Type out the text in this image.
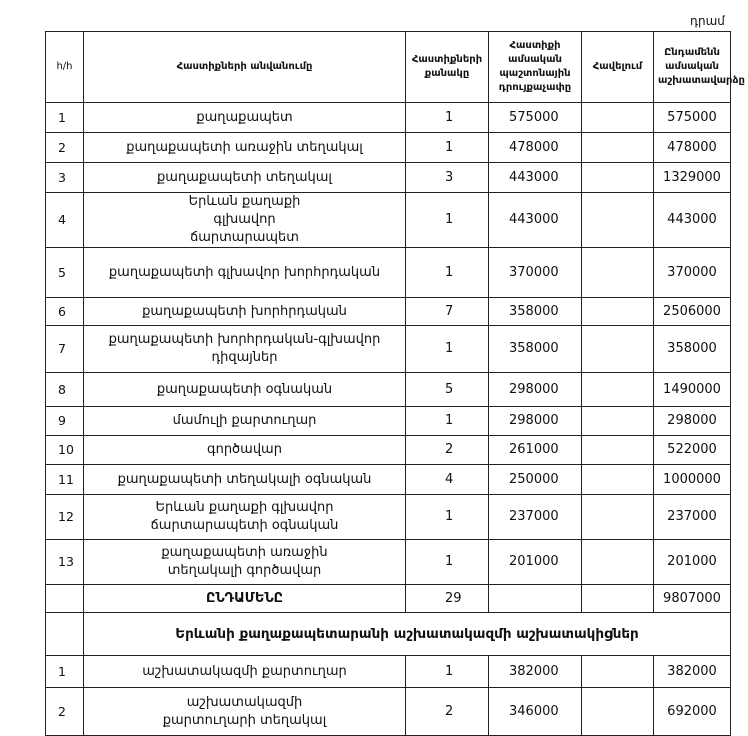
դրամ
հ/հ	Հաստիքների անվանումը	Հաստիքների քանակը	Հաստիքի ամսական պաշտոնային դրույքաչափը	Հավելում	Ընդամենն ամսական աշխատավարձը
1	քաղաքապետ	1	575000		575000
2	քաղաքապետի առաջին տեղակալ	1	478000		478000
3	քաղաքապետի տեղակալ	3	443000		1329000
4	Երևան քաղաքի գլխավոր ճարտարապետ	1	443000		443000
5	քաղաքապետի գլխավոր խորհրդական	1	370000		370000
6	քաղաքապետի խորհրդական	7	358000		2506000
7	քաղաքապետի խորհրդական-գլխավոր դիզայներ	1	358000		358000
8	քաղաքապետի օգնական	5	298000		1490000
9	մամուլի քարտուղար	1	298000		298000
10	գործավար	2	261000		522000
11	քաղաքապետի տեղակալի օգնական	4	250000		1000000
12	Երևան քաղաքի գլխավոր ճարտարապետի օգնական	1	237000		237000
13	քաղաքապետի առաջին տեղակալի գործավար	1	201000		201000
	ԸՆԴԱՄԵՆԸ	29			9807000
	Երևանի քաղաքապետարանի աշխատակազմի աշխատակիցներ				
1	աշխատակազմի քարտուղար	1	382000		382000
2	աշխատակազմի քարտուղարի տեղակալ	2	346000		692000
